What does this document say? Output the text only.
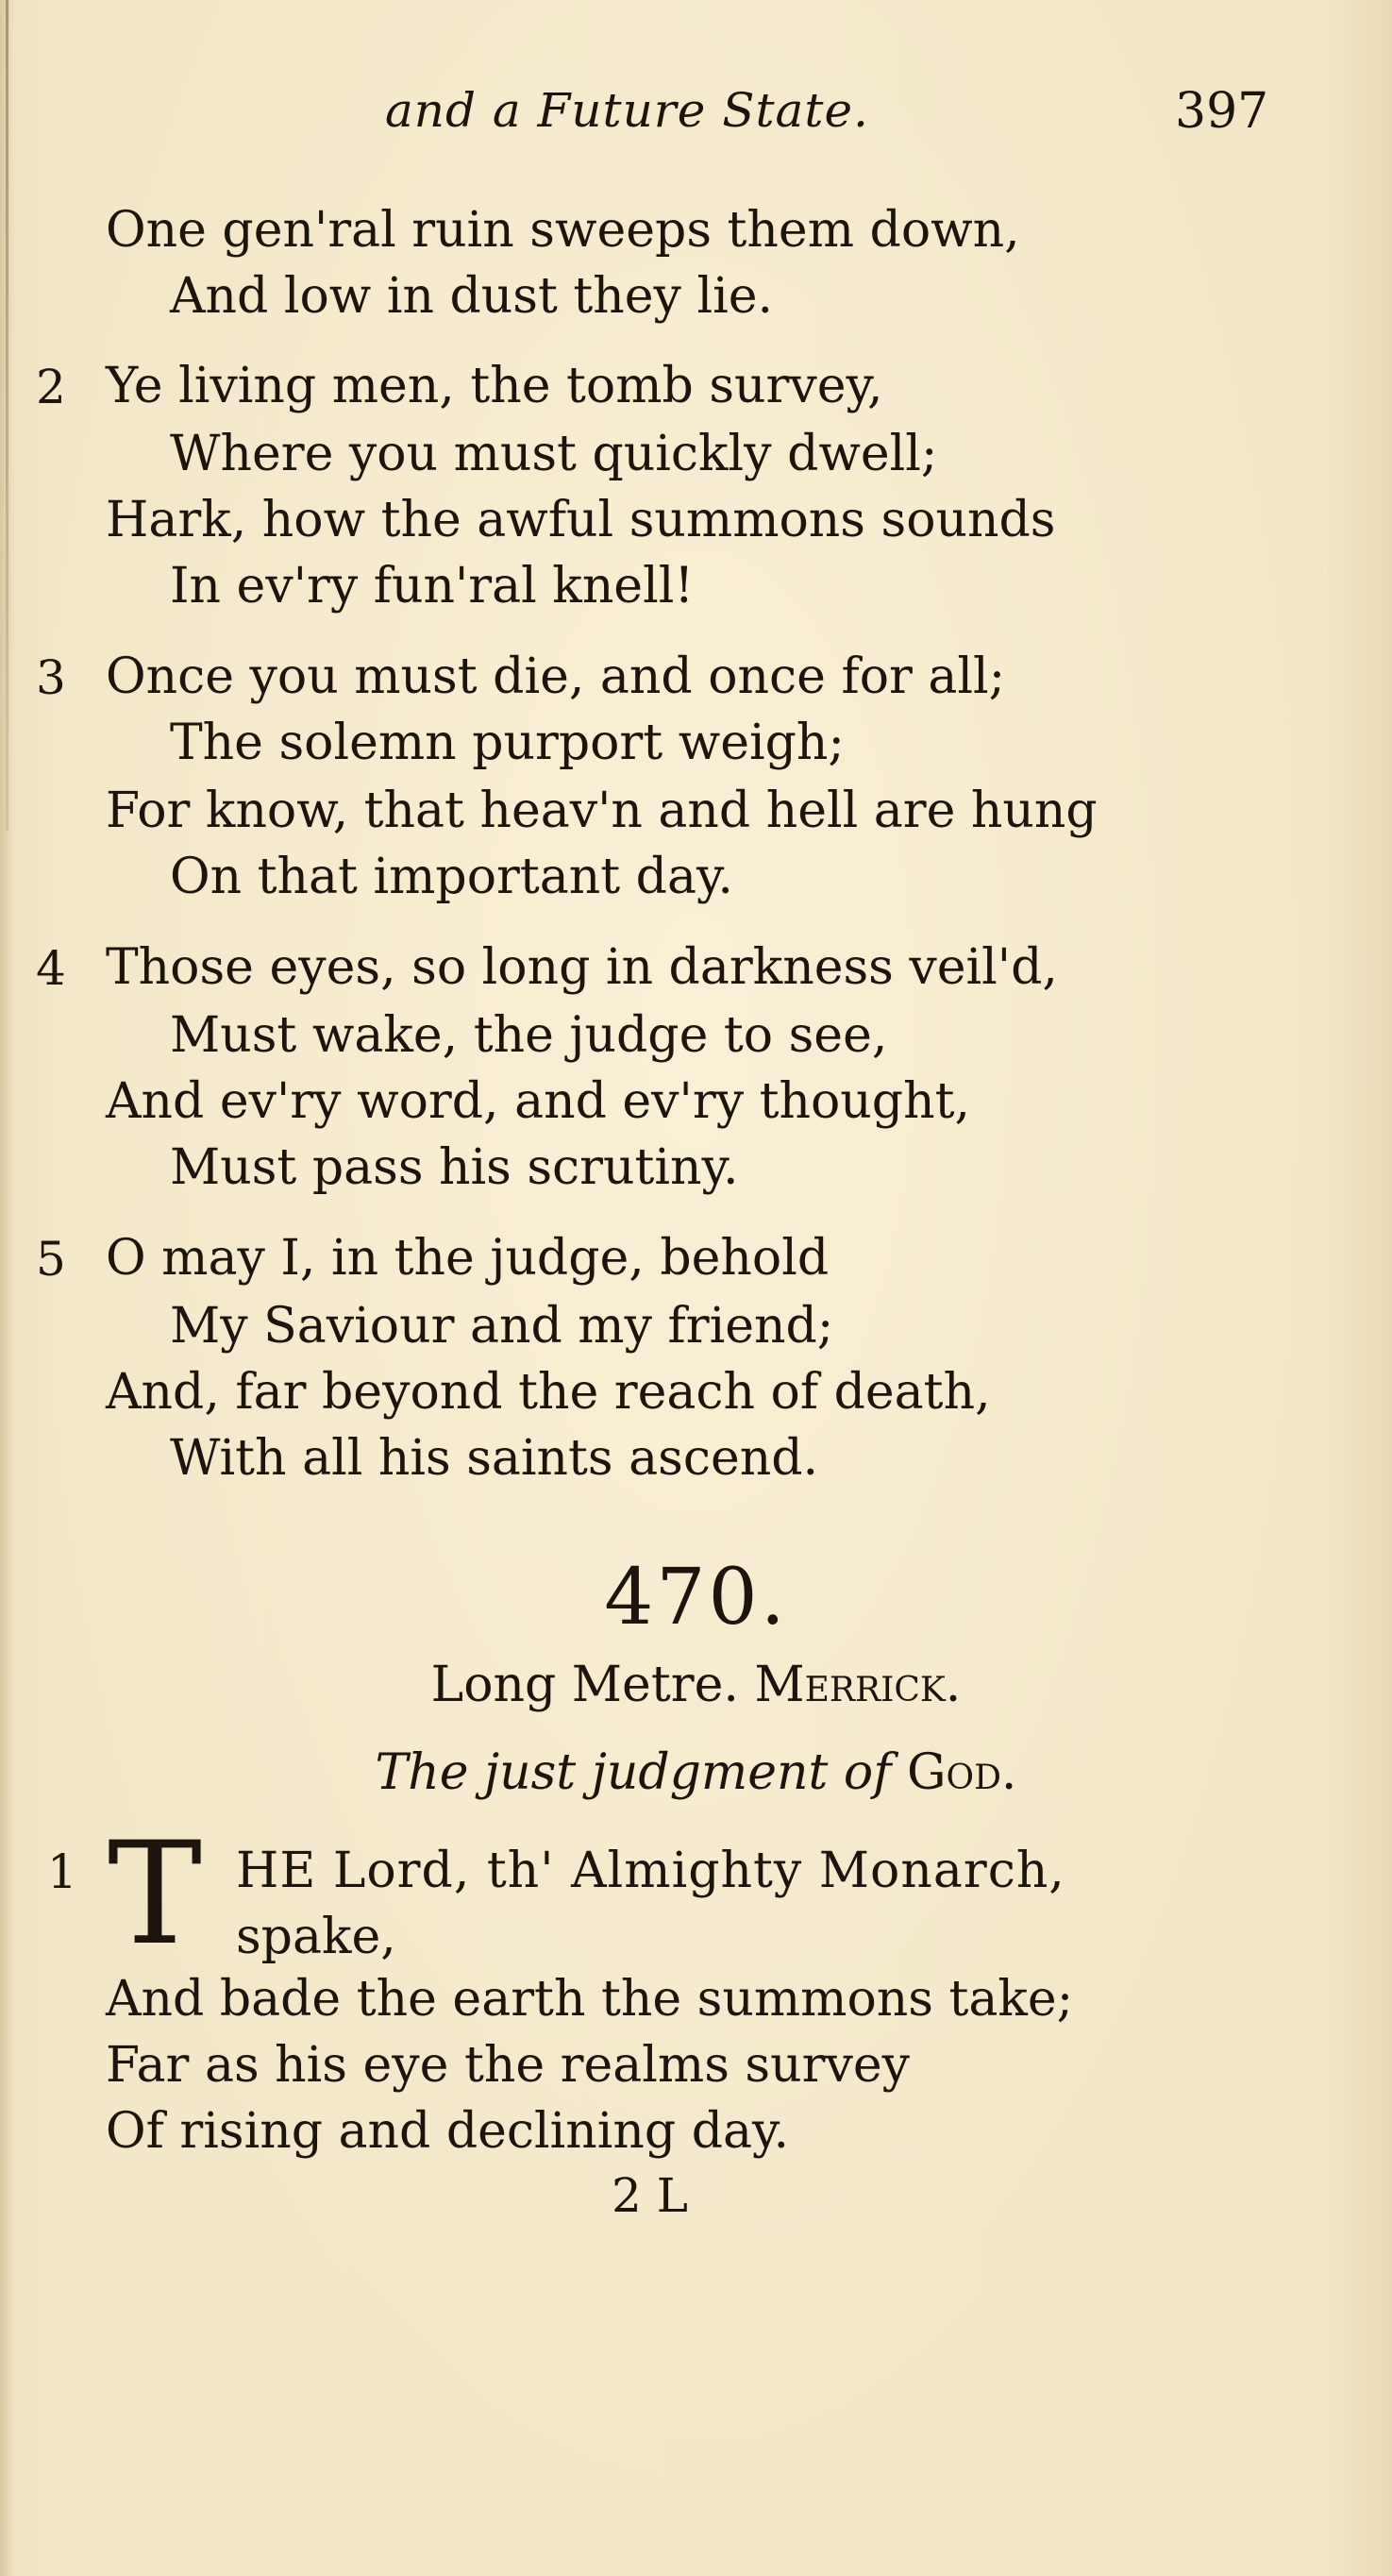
and a Future State.	397
One gen'ral ruin sweeps them down,
And low in dust they lie.
2 Ye living men, the tomb survey,
Where you must quickly dwell;
Hark, how the awful summons sounds
In ev'ry fun'ral knell!
3 Once you must die, and once for all;
The solemn purport weigh;
For know, that heav'n and hell are hung
On that important day.
4 Those eyes, so long in darkness veil'd,
Must wake, the judge to see,
And ev'ry word, and ev'ry thought,
Must pass his scrutiny.
5 O may I, in the judge, behold
My Saviour and my friend;
And, far beyond the reach of death,
With all his saints ascend.
470.
Long Metre. Merrick.
The just judgment of God.
1 T HE Lord, th' Almighty Monarch,
spake,
And bade the earth the summons take;
Far as his eye the realms survey
Of rising and declining day.
2 L
